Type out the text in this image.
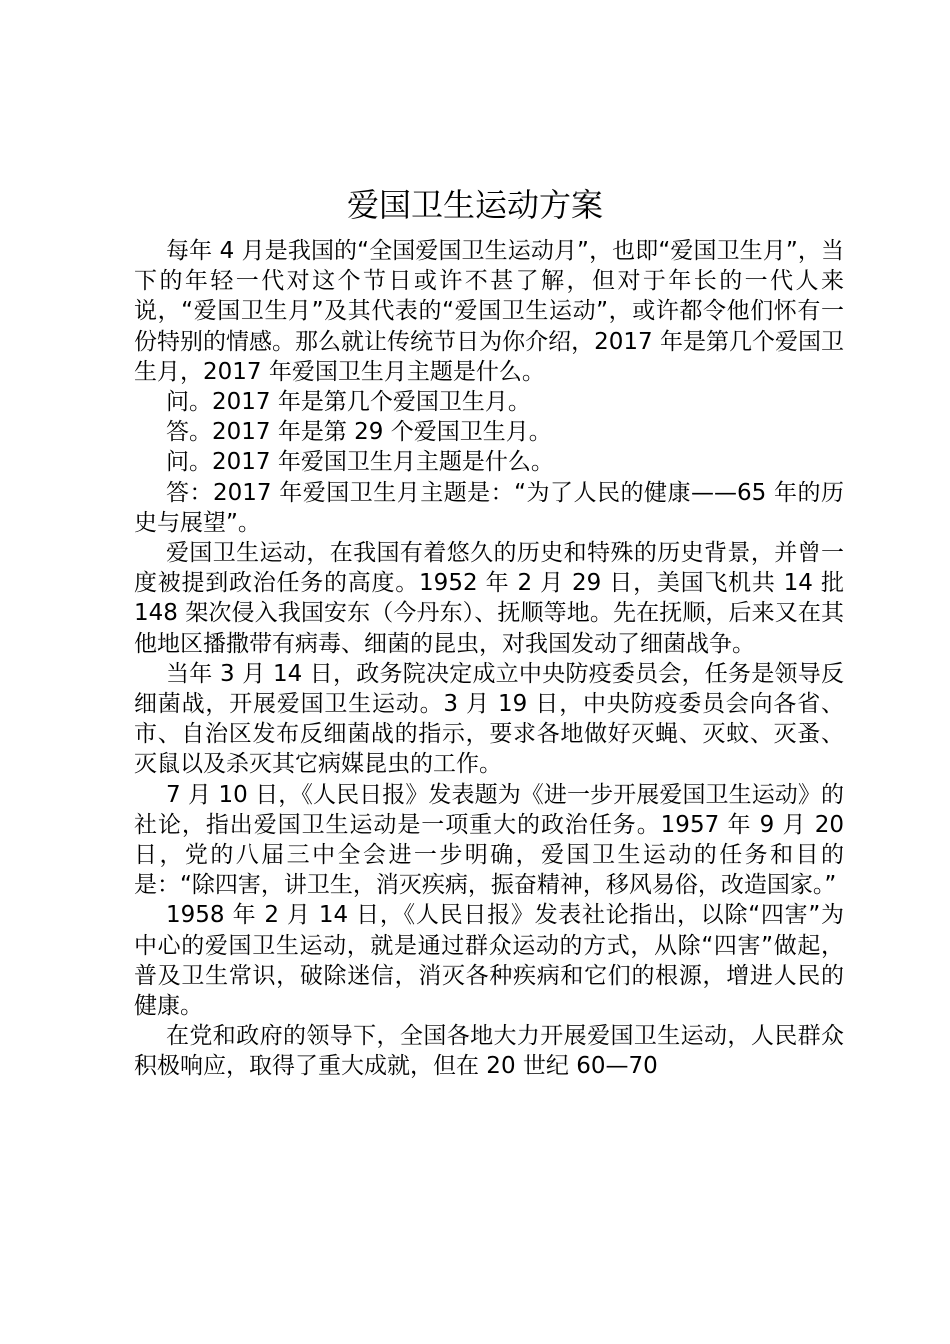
爱国卫生运动方案

每年 4 月是我国的“全国爱国卫生运动月”，也即“爱国卫生月”，当下的年轻一代对这个节日或许不甚了解，但对于年长的一代人来说，“爱国卫生月”及其代表的“爱国卫生运动”，或许都令他们怀有一份特别的情感。那么就让传统节日为你介绍，2017 年是第几个爱国卫生月，2017 年爱国卫生月主题是什么。

问。2017 年是第几个爱国卫生月。

答。2017 年是第 29 个爱国卫生月。

问。2017 年爱国卫生月主题是什么。

答：2017 年爱国卫生月主题是：“为了人民的健康——65 年的历史与展望”。

爱国卫生运动，在我国有着悠久的历史和特殊的历史背景，并曾一度被提到政治任务的高度。1952 年 2 月 29 日，美国飞机共 14 批 148 架次侵入我国安东（今丹东）、抚顺等地。先在抚顺，后来又在其他地区播撒带有病毒、细菌的昆虫，对我国发动了细菌战争。

当年 3 月 14 日，政务院决定成立中央防疫委员会，任务是领导反细菌战，开展爱国卫生运动。3 月 19 日，中央防疫委员会向各省、市、自治区发布反细菌战的指示，要求各地做好灭蝇、灭蚊、灭蚤、灭鼠以及杀灭其它病媒昆虫的工作。

7 月 10 日，《人民日报》发表题为《进一步开展爱国卫生运动》的社论，指出爱国卫生运动是一项重大的政治任务。1957 年 9 月 20 日，党的八届三中全会进一步明确，爱国卫生运动的任务和目的是：“除四害，讲卫生，消灭疾病，振奋精神，移风易俗，改造国家。”

1958 年 2 月 14 日，《人民日报》发表社论指出，以除“四害”为中心的爱国卫生运动，就是通过群众运动的方式，从除“四害”做起，普及卫生常识，破除迷信，消灭各种疾病和它们的根源，增进人民的健康。

在党和政府的领导下，全国各地大力开展爱国卫生运动，人民群众积极响应，取得了重大成就，但在 20 世纪 60—70
